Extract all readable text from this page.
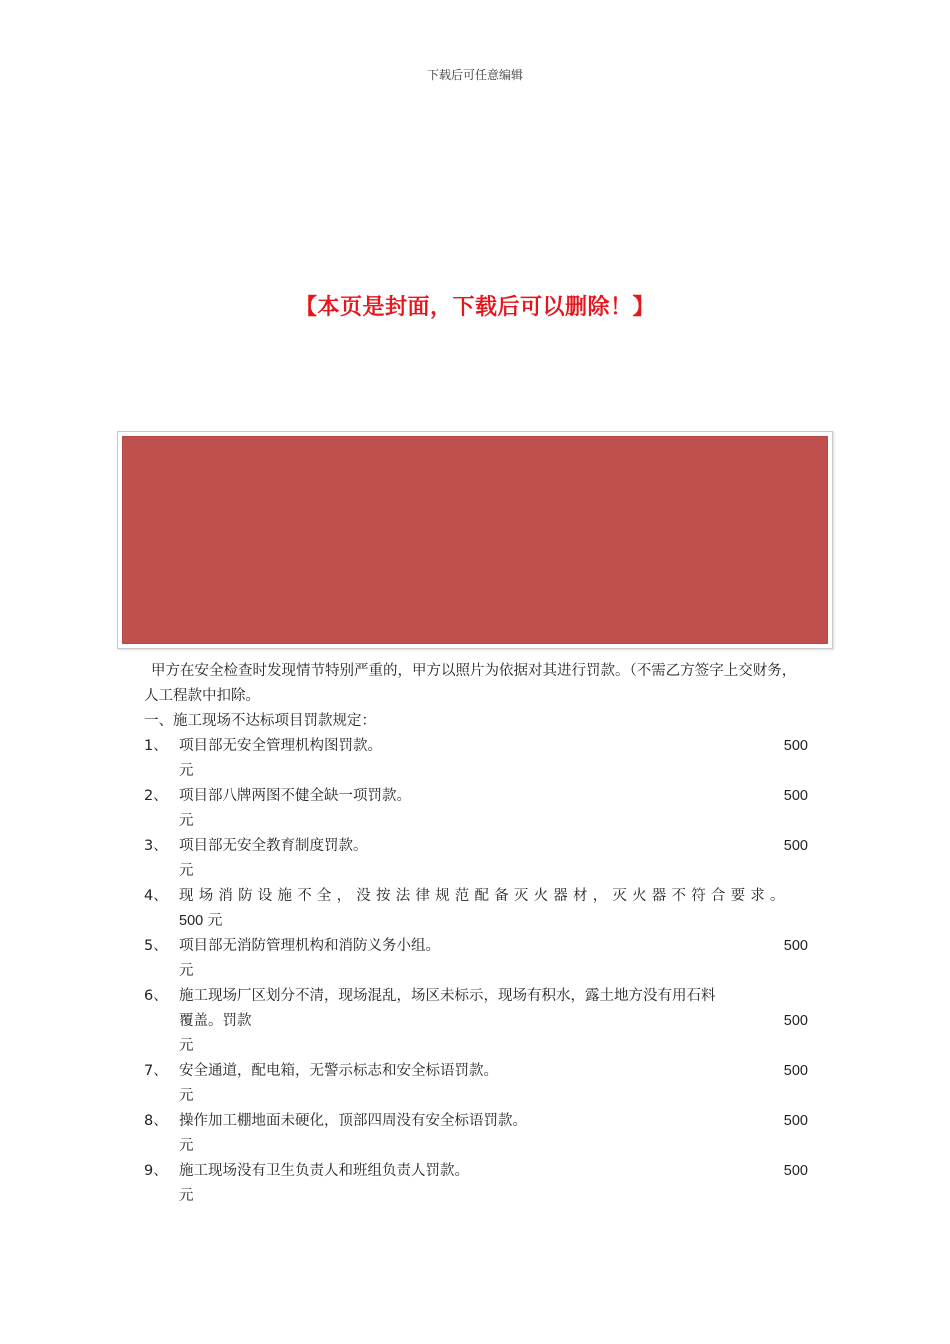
下载后可任意编辑
【本页是封面，下载后可以删除！】

甲方在安全检查时发现情节特别严重的，甲方以照片为依据对其进行罚款。（不需乙方签字上交财务，人工程款中扣除。

一、施工现场不达标项目罚款规定：

1、 项目部无安全管理机构图罚款。	500
元
2、 项目部八牌两图不健全缺一项罚款。	500
元
3、 项目部无安全教育制度罚款。	500
元
4、 现场消防设施不全，没按法律规范配备灭火器材，灭火器不符合要求。
500 元
5、 项目部无消防管理机构和消防义务小组。	500
元
6、 施工现场厂区划分不清，现场混乱，场区未标示，现场有积水，露土地方没有用石料
覆盖。罚款	500
元
7、 安全通道，配电箱，无警示标志和安全标语罚款。	500
元
8、 操作加工棚地面未硬化，顶部四周没有安全标语罚款。	500
元
9、 施工现场没有卫生负责人和班组负责人罚款。	500
元
